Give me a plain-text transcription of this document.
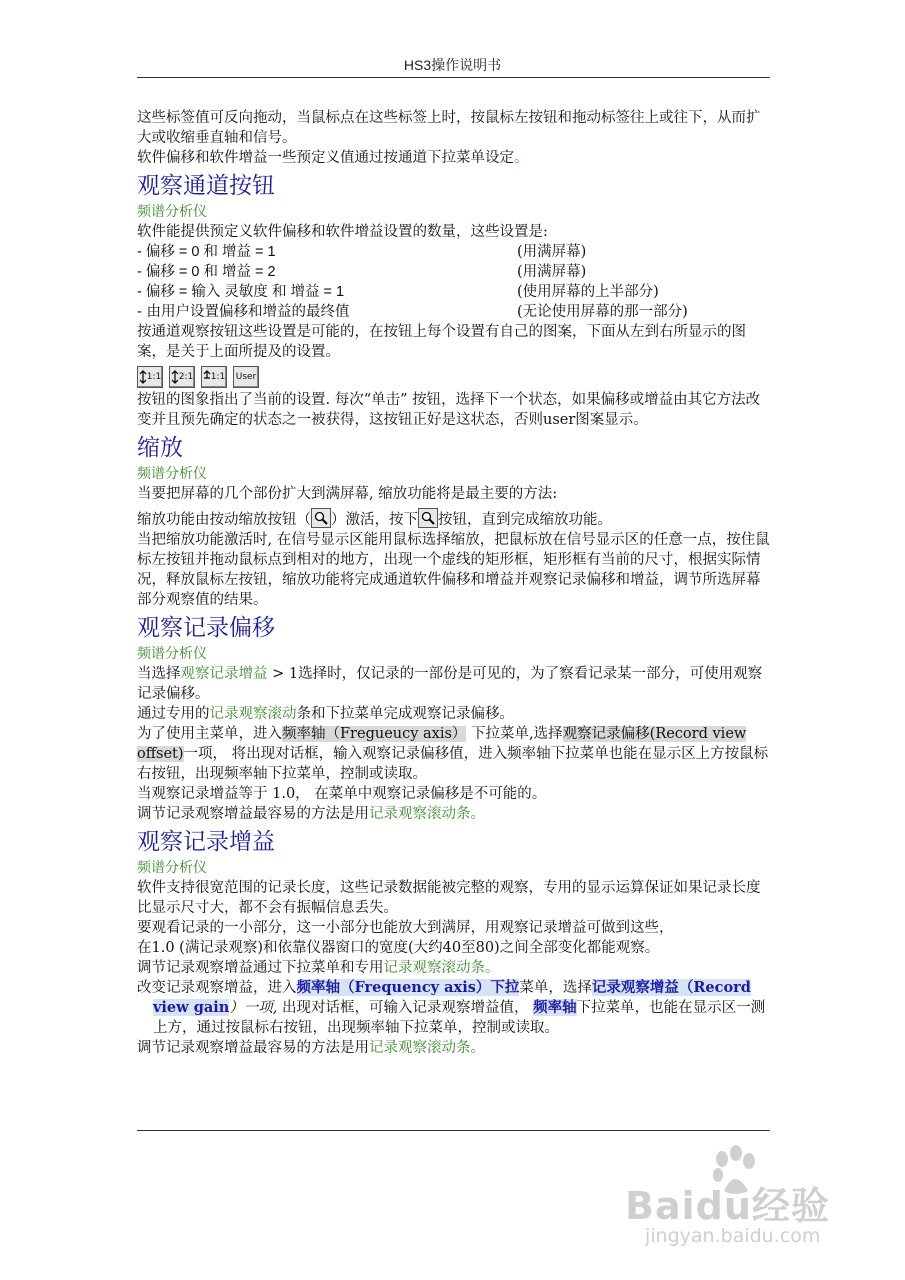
HS3操作说明书

这些标签值可反向拖动，当鼠标点在这些标签上时，按鼠标左按钮和拖动标签往上或往下，从而扩大或收缩垂直轴和信号。

软件偏移和软件增益一些预定义值通过按通道下拉菜单设定。

观察通道按钮

频谱分析仪

软件能提供预定义软件偏移和软件增益设置的数量，这些设置是:

- 偏移 = 0 和 增益 = 1	(用满屏幕)
- 偏移 = 0 和 增益 = 2	(用满屏幕)
- 偏移 = 输入 灵敏度 和 增益 = 1	(使用屏幕的上半部分)
- 由用户设置偏移和增益的最终值	(无论使用屏幕的那一部分)

按通道观察按钮这些设置是可能的，在按钮上每个设置有自己的图案，下面从左到右所显示的图案，是关于上面所提及的设置。

1:1 2:1 1:1 User

按钮的图象指出了当前的设置. 每次“单击” 按钮，选择下一个状态，如果偏移或增益由其它方法改变并且预先确定的状态之一被获得，这按钮正好是这状态，否则user图案显示。

缩放

频谱分析仪

当要把屏幕的几个部份扩大到满屏幕, 缩放功能将是最主要的方法:

缩放功能由按动缩放按钮（ ）激活，按下 按钮，直到完成缩放功能。

当把缩放功能激活时, 在信号显示区能用鼠标选择缩放，把鼠标放在信号显示区的任意一点，按住鼠标左按钮并拖动鼠标点到相对的地方，出现一个虚线的矩形框，矩形框有当前的尺寸，根据实际情况，释放鼠标左按钮，缩放功能将完成通道软件偏移和增益并观察记录偏移和增益，调节所选屏幕部分观察值的结果。

观察记录偏移

频谱分析仪

当选择观察记录增益 > 1选择时，仅记录的一部份是可见的，为了察看记录某一部分，可使用观察记录偏移。

通过专用的记录观察滚动条和下拉菜单完成观察记录偏移。

为了使用主菜单，进入频率轴（Fregueucy axis） 下拉菜单,选择观察记录偏移(Record view offset)一项， 将出现对话框，输入观察记录偏移值，进入频率轴下拉菜单也能在显示区上方按鼠标右按钮，出现频率轴下拉菜单，控制或读取。

当观察记录增益等于 1.0， 在菜单中观察记录偏移是不可能的。

调节记录观察增益最容易的方法是用记录观察滚动条。

观察记录增益

频谱分析仪

软件支持很宽范围的记录长度，这些记录数据能被完整的观察，专用的显示运算保证如果记录长度比显示尺寸大，都不会有振幅信息丢失。

要观看记录的一小部分，这一小部分也能放大到满屏，用观察记录增益可做到这些，

在1.0 (满记录观察)和依靠仪器窗口的宽度(大约40至80)之间全部变化都能观察。

调节记录观察增益通过下拉菜单和专用记录观察滚动条。

改变记录观察增益，进入频率轴（Frequency axis）下拉菜单，选择记录观察增益（Record view gain）一项, 出现对话框，可输入记录观察增益值， 频率轴下拉菜单，也能在显示区一测上方，通过按鼠标右按钮，出现频率轴下拉菜单，控制或读取。

调节记录观察增益最容易的方法是用记录观察滚动条。

Baidu经验
jingyan.baidu.com
